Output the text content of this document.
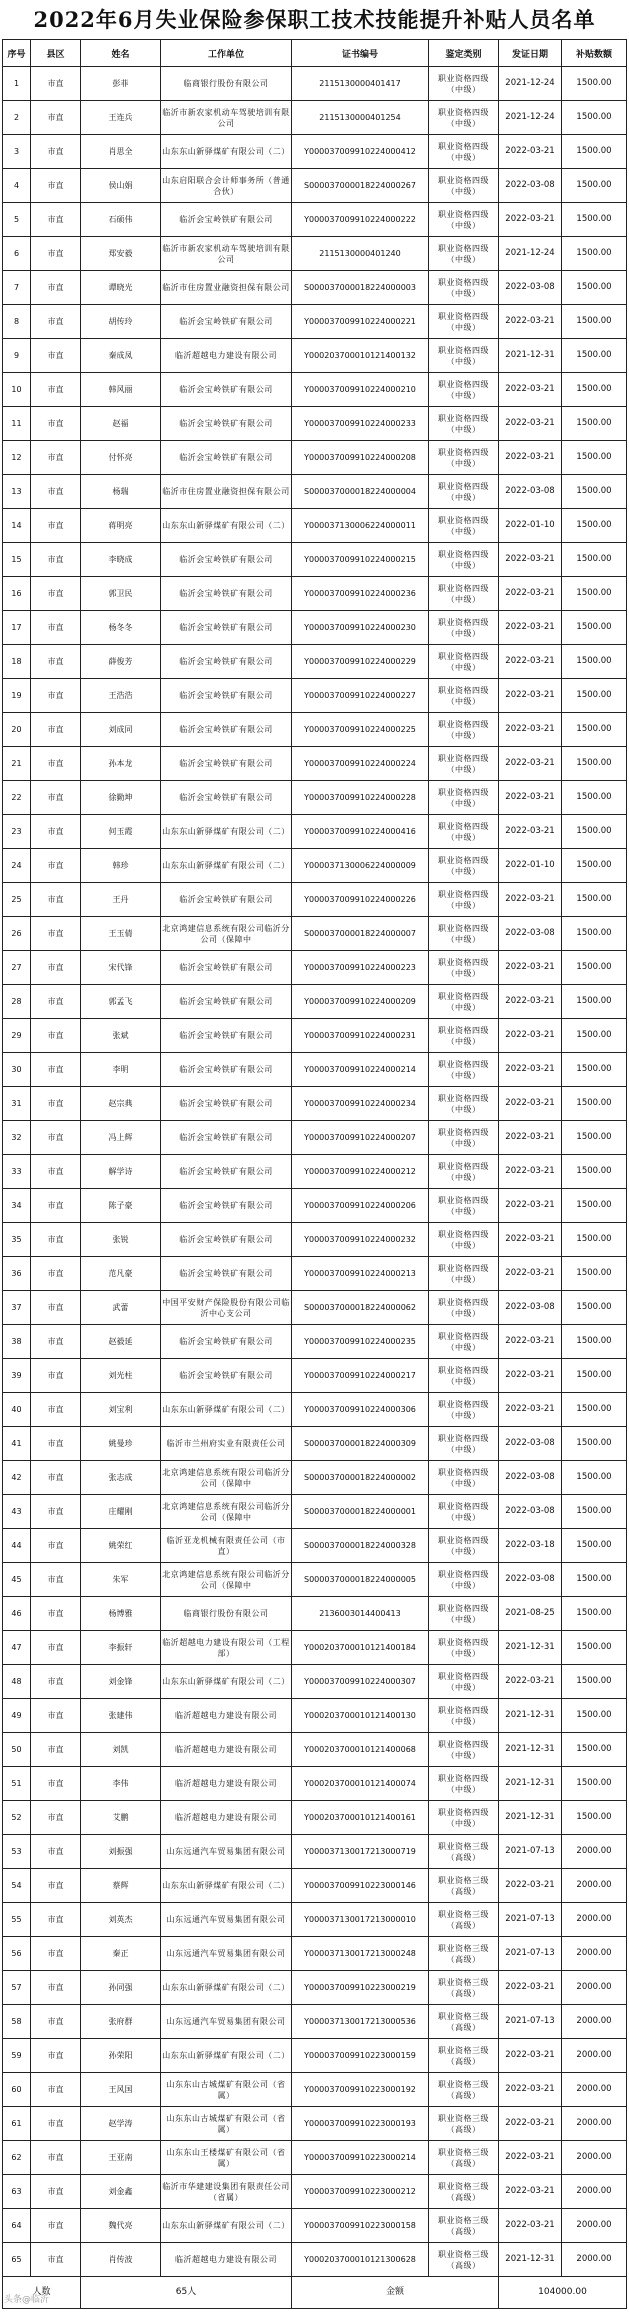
2022年6月失业保险参保职工技术技能提升补贴人员名单
序号	县区	姓名	工作单位	证书编号	鉴定类别	发证日期	补贴数额
1	市直	彭菲	临商银行股份有限公司	2115130000401417	职业资格四级（中级）	2021-12-24	1500.00
2	市直	王连兵	临沂市新农家机动车驾驶培训有限公司	2115130000401254	职业资格四级（中级）	2021-12-24	1500.00
3	市直	肖思全	山东东山新驿煤矿有限公司（二）	Y000037009910224000412	职业资格四级（中级）	2022-03-21	1500.00
4	市直	侯山娟	山东启阳联合会计师事务所（普通合伙）	S000037000018224000267	职业资格四级（中级）	2022-03-08	1500.00
5	市直	石硕伟	临沂会宝岭铁矿有限公司	Y000037009910224000222	职业资格四级（中级）	2022-03-21	1500.00
6	市直	郑安毅	临沂市新农家机动车驾驶培训有限公司	2115130000401240	职业资格四级（中级）	2021-12-24	1500.00
7	市直	谭晓光	临沂市住房置业融资担保有限公司	S000037000018224000003	职业资格四级（中级）	2022-03-08	1500.00
8	市直	胡传玲	临沂会宝岭铁矿有限公司	Y000037009910224000221	职业资格四级（中级）	2022-03-21	1500.00
9	市直	秦成凤	临沂超越电力建设有限公司	Y000203700010121400132	职业资格四级（中级）	2021-12-31	1500.00
10	市直	韩风丽	临沂会宝岭铁矿有限公司	Y000037009910224000210	职业资格四级（中级）	2022-03-21	1500.00
11	市直	赵福	临沂会宝岭铁矿有限公司	Y000037009910224000233	职业资格四级（中级）	2022-03-21	1500.00
12	市直	付怀亮	临沂会宝岭铁矿有限公司	Y000037009910224000208	职业资格四级（中级）	2022-03-21	1500.00
13	市直	杨瑞	临沂市住房置业融资担保有限公司	S000037000018224000004	职业资格四级（中级）	2022-03-08	1500.00
14	市直	蒋明亮	山东东山新驿煤矿有限公司（二）	Y000037130006224000011	职业资格四级（中级）	2022-01-10	1500.00
15	市直	李晓成	临沂会宝岭铁矿有限公司	Y000037009910224000215	职业资格四级（中级）	2022-03-21	1500.00
16	市直	郭卫民	临沂会宝岭铁矿有限公司	Y000037009910224000236	职业资格四级（中级）	2022-03-21	1500.00
17	市直	杨冬冬	临沂会宝岭铁矿有限公司	Y000037009910224000230	职业资格四级（中级）	2022-03-21	1500.00
18	市直	薛俊芳	临沂会宝岭铁矿有限公司	Y000037009910224000229	职业资格四级（中级）	2022-03-21	1500.00
19	市直	王浩浩	临沂会宝岭铁矿有限公司	Y000037009910224000227	职业资格四级（中级）	2022-03-21	1500.00
20	市直	刘成同	临沂会宝岭铁矿有限公司	Y000037009910224000225	职业资格四级（中级）	2022-03-21	1500.00
21	市直	孙本龙	临沂会宝岭铁矿有限公司	Y000037009910224000224	职业资格四级（中级）	2022-03-21	1500.00
22	市直	徐勤坤	临沂会宝岭铁矿有限公司	Y000037009910224000228	职业资格四级（中级）	2022-03-21	1500.00
23	市直	何玉霞	山东东山新驿煤矿有限公司（二）	Y000037009910224000416	职业资格四级（中级）	2022-03-21	1500.00
24	市直	韩珍	山东东山新驿煤矿有限公司（二）	Y000037130006224000009	职业资格四级（中级）	2022-01-10	1500.00
25	市直	王丹	临沂会宝岭铁矿有限公司	Y000037009910224000226	职业资格四级（中级）	2022-03-21	1500.00
26	市直	王玉倩	北京鸿建信息系统有限公司临沂分公司（保障中	S000037000018224000007	职业资格四级（中级）	2022-03-08	1500.00
27	市直	宋代锋	临沂会宝岭铁矿有限公司	Y000037009910224000223	职业资格四级（中级）	2022-03-21	1500.00
28	市直	郭孟飞	临沂会宝岭铁矿有限公司	Y000037009910224000209	职业资格四级（中级）	2022-03-21	1500.00
29	市直	张斌	临沂会宝岭铁矿有限公司	Y000037009910224000231	职业资格四级（中级）	2022-03-21	1500.00
30	市直	李明	临沂会宝岭铁矿有限公司	Y000037009910224000214	职业资格四级（中级）	2022-03-21	1500.00
31	市直	赵宗典	临沂会宝岭铁矿有限公司	Y000037009910224000234	职业资格四级（中级）	2022-03-21	1500.00
32	市直	冯上辉	临沂会宝岭铁矿有限公司	Y000037009910224000207	职业资格四级（中级）	2022-03-21	1500.00
33	市直	解学诗	临沂会宝岭铁矿有限公司	Y000037009910224000212	职业资格四级（中级）	2022-03-21	1500.00
34	市直	陈子豪	临沂会宝岭铁矿有限公司	Y000037009910224000206	职业资格四级（中级）	2022-03-21	1500.00
35	市直	张锐	临沂会宝岭铁矿有限公司	Y000037009910224000232	职业资格四级（中级）	2022-03-21	1500.00
36	市直	范凡豪	临沂会宝岭铁矿有限公司	Y000037009910224000213	职业资格四级（中级）	2022-03-21	1500.00
37	市直	武蕾	中国平安财产保险股份有限公司临沂中心支公司	S000037000018224000062	职业资格四级（中级）	2022-03-08	1500.00
38	市直	赵毅延	临沂会宝岭铁矿有限公司	Y000037009910224000235	职业资格四级（中级）	2022-03-21	1500.00
39	市直	刘光柱	临沂会宝岭铁矿有限公司	Y000037009910224000217	职业资格四级（中级）	2022-03-21	1500.00
40	市直	刘宝利	山东东山新驿煤矿有限公司（二）	Y000037009910224000306	职业资格四级（中级）	2022-03-21	1500.00
41	市直	姚曼珍	临沂市兰州府实业有限责任公司	S000037000018224000309	职业资格四级（中级）	2022-03-08	1500.00
42	市直	张志成	北京鸿建信息系统有限公司临沂分公司（保障中	S000037000018224000002	职业资格四级（中级）	2022-03-08	1500.00
43	市直	庄耀刚	北京鸿建信息系统有限公司临沂分公司（保障中	S000037000018224000001	职业资格四级（中级）	2022-03-08	1500.00
44	市直	姚荣红	临沂亚龙机械有限责任公司（市直）	S000037000018224000328	职业资格四级（中级）	2022-03-18	1500.00
45	市直	朱军	北京鸿建信息系统有限公司临沂分公司（保障中	S000037000018224000005	职业资格四级（中级）	2022-03-08	1500.00
46	市直	杨博雅	临商银行股份有限公司	2136003014400413	职业资格四级（中级）	2021-08-25	1500.00
47	市直	李振轩	临沂超越电力建设有限公司（工程部）	Y000203700010121400184	职业资格四级（中级）	2021-12-31	1500.00
48	市直	刘金锋	山东东山新驿煤矿有限公司（二）	Y000037009910224000307	职业资格四级（中级）	2022-03-21	1500.00
49	市直	张建伟	临沂超越电力建设有限公司	Y000203700010121400130	职业资格四级（中级）	2021-12-31	1500.00
50	市直	刘凯	临沂超越电力建设有限公司	Y000203700010121400068	职业资格四级（中级）	2021-12-31	1500.00
51	市直	李伟	临沂超越电力建设有限公司	Y000203700010121400074	职业资格四级（中级）	2021-12-31	1500.00
52	市直	艾鹏	临沂超越电力建设有限公司	Y000203700010121400161	职业资格四级（中级）	2021-12-31	1500.00
53	市直	刘振强	山东远通汽车贸易集团有限公司	Y000037130017213000719	职业资格三级（高级）	2021-07-13	2000.00
54	市直	蔡辉	山东东山新驿煤矿有限公司（二）	Y000037009910223000146	职业资格三级（高级）	2022-03-21	2000.00
55	市直	刘英杰	山东远通汽车贸易集团有限公司	Y000037130017213000010	职业资格三级（高级）	2021-07-13	2000.00
56	市直	秦正	山东远通汽车贸易集团有限公司	Y000037130017213000248	职业资格三级（高级）	2021-07-13	2000.00
57	市直	孙同强	山东东山新驿煤矿有限公司（二）	Y000037009910223000219	职业资格三级（高级）	2022-03-21	2000.00
58	市直	张府群	山东远通汽车贸易集团有限公司	Y000037130017213000536	职业资格三级（高级）	2021-07-13	2000.00
59	市直	孙荣阳	山东东山新驿煤矿有限公司（二）	Y000037009910223000159	职业资格三级（高级）	2022-03-21	2000.00
60	市直	王风国	山东东山古城煤矿有限公司（省属）	Y000037009910223000192	职业资格三级（高级）	2022-03-21	2000.00
61	市直	赵学涛	山东东山古城煤矿有限公司（省属）	Y000037009910223000193	职业资格三级（高级）	2022-03-21	2000.00
62	市直	王亚南	山东东山王楼煤矿有限公司（省属）	Y000037009910223000214	职业资格三级（高级）	2022-03-21	2000.00
63	市直	刘金鑫	临沂市华建建设集团有限责任公司（省属）	Y000037009910223000212	职业资格三级（高级）	2022-03-21	2000.00
64	市直	魏代亮	山东东山新驿煤矿有限公司（二）	Y000037009910223000158	职业资格三级（高级）	2022-03-21	2000.00
65	市直	肖传波	临沂超越电力建设有限公司	Y000203700010121300628	职业资格三级（高级）	2021-12-31	2000.00
人数		65人		金额		104000.00	
头条@临沂
